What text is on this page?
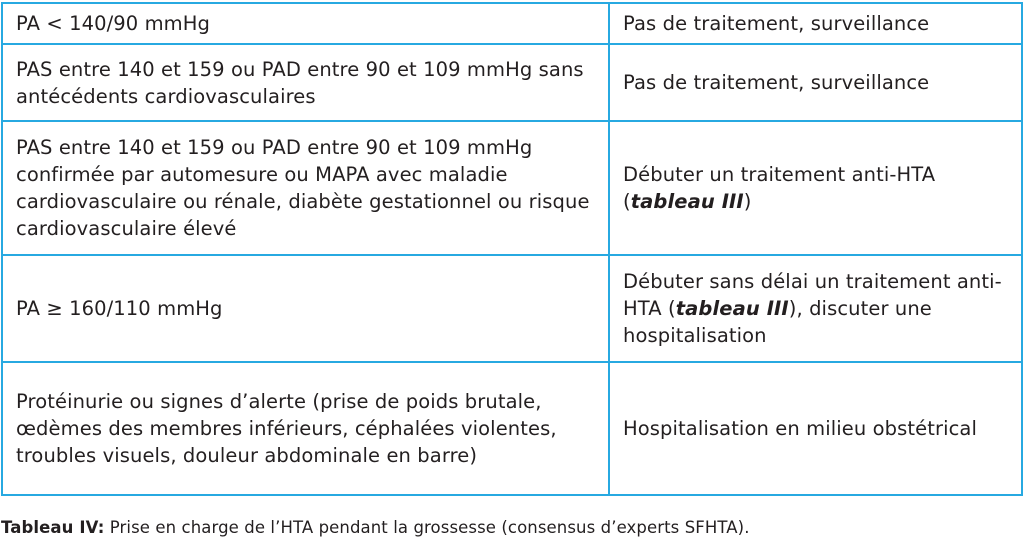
PA < 140/90 mmHg	Pas de traitement, surveillance
PAS entre 140 et 159 ou PAD entre 90 et 109 mmHg sans antécédents cardiovasculaires	Pas de traitement, surveillance
PAS entre 140 et 159 ou PAD entre 90 et 109 mmHg confirmée par automesure ou MAPA avec maladie cardiovasculaire ou rénale, diabète gestationnel ou risque cardiovasculaire élevé	Débuter un traitement anti-HTA (tableau III)
PA ≥ 160/110 mmHg	Débuter sans délai un traitement anti-HTA (tableau III), discuter une hospitalisation
Protéinurie ou signes d’alerte (prise de poids brutale, œdèmes des membres inférieurs, céphalées violentes, troubles visuels, douleur abdominale en barre)	Hospitalisation en milieu obstétrical
Tableau IV: Prise en charge de l’HTA pendant la grossesse (consensus d’experts SFHTA).
